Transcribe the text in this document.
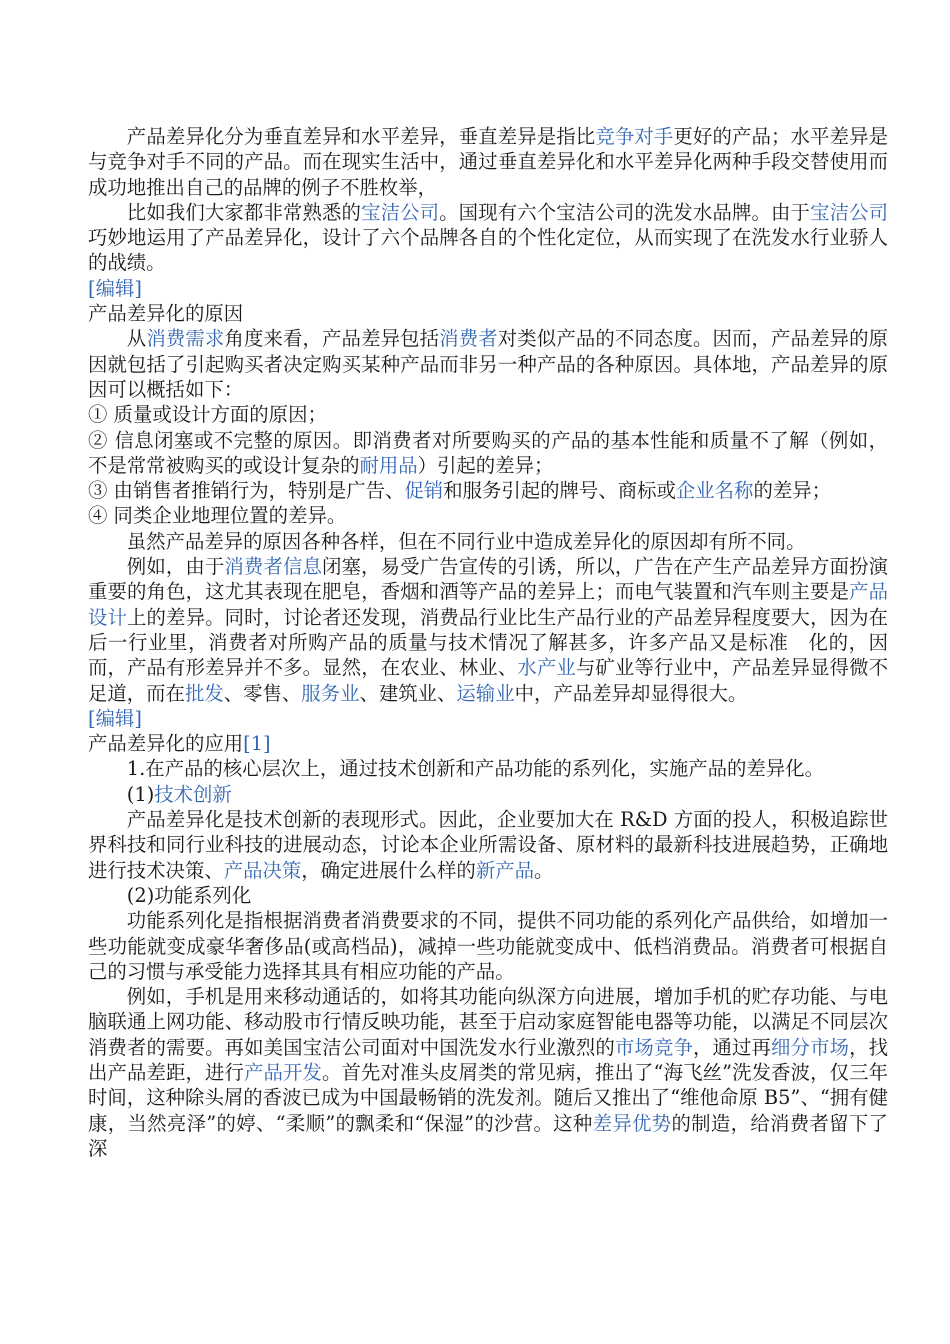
产品差异化分为垂直差异和水平差异，垂直差异是指比竞争对手更好的产品；水平差异是与竞争对手不同的产品。而在现实生活中，通过垂直差异化和水平差异化两种手段交替使用而成功地推出自己的品牌的例子不胜枚举，

比如我们大家都非常熟悉的宝洁公司。国现有六个宝洁公司的洗发水品牌。由于宝洁公司巧妙地运用了产品差异化，设计了六个品牌各自的个性化定位，从而实现了在洗发水行业骄人的战绩。

[编辑]

产品差异化的原因

从消费需求角度来看，产品差异包括消费者对类似产品的不同态度。因而，产品差异的原因就包括了引起购买者决定购买某种产品而非另一种产品的各种原因。具体地，产品差异的原因可以概括如下：

① 质量或设计方面的原因；

② 信息闭塞或不完整的原因。即消费者对所要购买的产品的基本性能和质量不了解（例如，不是常常被购买的或设计复杂的耐用品）引起的差异；

③ 由销售者推销行为，特别是广告、促销和服务引起的牌号、商标或企业名称的差异；

④ 同类企业地理位置的差异。

虽然产品差异的原因各种各样，但在不同行业中造成差异化的原因却有所不同。

例如，由于消费者信息闭塞，易受广告宣传的引诱，所以，广告在产生产品差异方面扮演重要的角色，这尤其表现在肥皂，香烟和酒等产品的差异上；而电气装置和汽车则主要是产品设计上的差异。同时，讨论者还发现，消费品行业比生产品行业的产品差异程度要大，因为在后一行业里，消费者对所购产品的质量与技术情况了解甚多，许多产品又是标准　化的，因而，产品有形差异并不多。显然，在农业、林业、水产业与矿业等行业中，产品差异显得微不足道，而在批发、零售、服务业、建筑业、运输业中，产品差异却显得很大。

[编辑]

产品差异化的应用[1]

1.在产品的核心层次上，通过技术创新和产品功能的系列化，实施产品的差异化。

(1)技术创新

产品差异化是技术创新的表现形式。因此，企业要加大在 R&D 方面的投人，积极追踪世界科技和同行业科技的进展动态，讨论本企业所需设备、原材料的最新科技进展趋势，正确地进行技术决策、产品决策，确定进展什么样的新产品。

(2)功能系列化

功能系列化是指根据消费者消费要求的不同，提供不同功能的系列化产品供给，如增加一些功能就变成豪华奢侈品(或高档品)，减掉一些功能就变成中、低档消费品。消费者可根据自己的习惯与承受能力选择其具有相应功能的产品。

例如，手机是用来移动通话的，如将其功能向纵深方向进展，增加手机的贮存功能、与电脑联通上网功能、移动股市行情反映功能，甚至于启动家庭智能电器等功能，以满足不同层次消费者的需要。再如美国宝洁公司面对中国洗发水行业激烈的市场竞争，通过再细分市场，找出产品差距，进行产品开发。首先对准头皮屑类的常见病，推出了“海飞丝”洗发香波，仅三年时间，这种除头屑的香波已成为中国最畅销的洗发剂。随后又推出了“维他命原 B5”、“拥有健康，当然亮泽”的婷、“柔顺”的飘柔和“保湿”的沙营。这种差异优势的制造，给消费者留下了深
